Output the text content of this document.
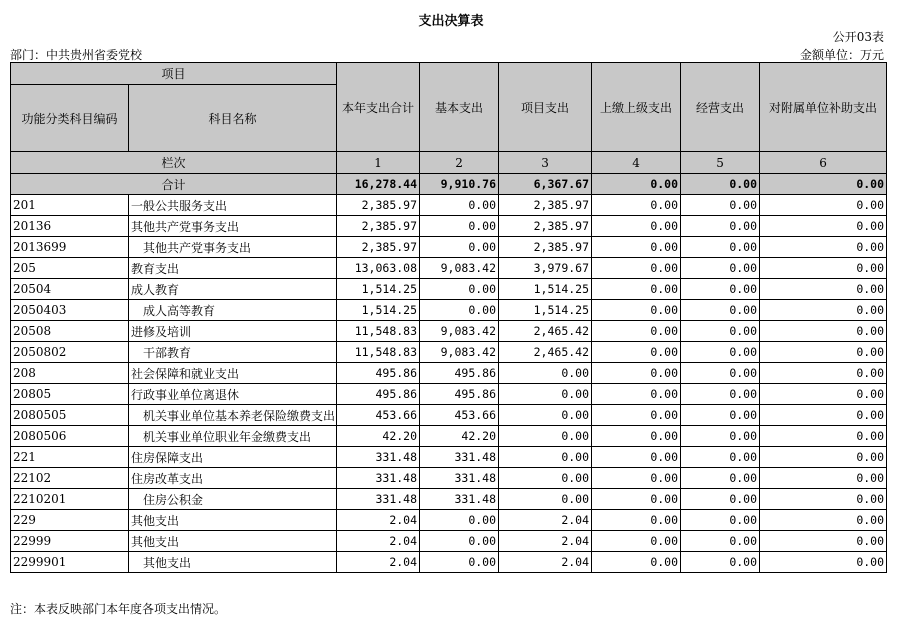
支出决算表
公开03表
部门：中共贵州省委党校	金额单位：万元
项目		本年支出合计	基本支出	项目支出	上缴上级支出	经营支出	对附属单位补助支出
功能分类科目编码	科目名称						
栏次		1	2	3	4	5	6
合计		16,278.44	9,910.76	6,367.67	0.00	0.00	0.00
201	一般公共服务支出	2,385.97	0.00	2,385.97	0.00	0.00	0.00
20136	其他共产党事务支出	2,385.97	0.00	2,385.97	0.00	0.00	0.00
2013699	其他共产党事务支出	2,385.97	0.00	2,385.97	0.00	0.00	0.00
205	教育支出	13,063.08	9,083.42	3,979.67	0.00	0.00	0.00
20504	成人教育	1,514.25	0.00	1,514.25	0.00	0.00	0.00
2050403	成人高等教育	1,514.25	0.00	1,514.25	0.00	0.00	0.00
20508	进修及培训	11,548.83	9,083.42	2,465.42	0.00	0.00	0.00
2050802	干部教育	11,548.83	9,083.42	2,465.42	0.00	0.00	0.00
208	社会保障和就业支出	495.86	495.86	0.00	0.00	0.00	0.00
20805	行政事业单位离退休	495.86	495.86	0.00	0.00	0.00	0.00
2080505	机关事业单位基本养老保险缴费支出	453.66	453.66	0.00	0.00	0.00	0.00
2080506	机关事业单位职业年金缴费支出	42.20	42.20	0.00	0.00	0.00	0.00
221	住房保障支出	331.48	331.48	0.00	0.00	0.00	0.00
22102	住房改革支出	331.48	331.48	0.00	0.00	0.00	0.00
2210201	住房公积金	331.48	331.48	0.00	0.00	0.00	0.00
229	其他支出	2.04	0.00	2.04	0.00	0.00	0.00
22999	其他支出	2.04	0.00	2.04	0.00	0.00	0.00
2299901	其他支出	2.04	0.00	2.04	0.00	0.00	0.00
注：本表反映部门本年度各项支出情况。
